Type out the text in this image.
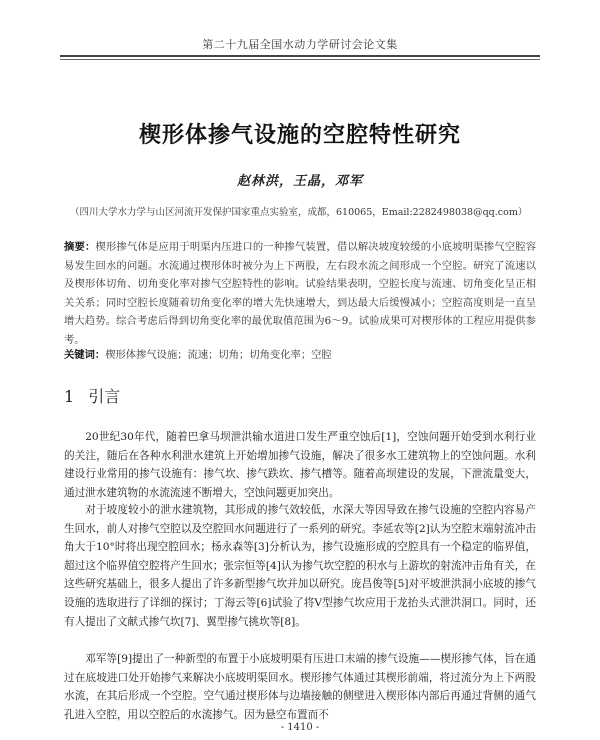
第二十九届全国水动力学研讨会论文集
楔形体掺气设施的空腔特性研究
赵林洪，王晶，邓军
（四川大学水力学与山区河流开发保护国家重点实验室，成都，610065，Email:2282498038@qq.com）
摘要：楔形掺气体是应用于明渠内压进口的一种掺气装置，借以解决坡度较缓的小底坡明渠掺气空腔容易发生回水的问题。水流通过楔形体时被分为上下两股，左右段水流之间形成一个空腔。研究了流速以及楔形体切角、切角变化率对掺气空腔特性的影响。试验结果表明，空腔长度与流速、切角变化呈正相关关系；同时空腔长度随着切角变化率的增大先快速增大，到达最大后缓慢减小；空腔高度则是一直呈增大趋势。综合考虑后得到切角变化率的最优取值范围为6～9。试验成果可对楔形体的工程应用提供参考。
关键词：楔形体掺气设施；流速；切角；切角变化率；空腔
1 引言
20世纪30年代，随着巴拿马坝泄洪输水道进口发生严重空蚀后[1]，空蚀问题开始受到水利行业的关注，随后在各种水利泄水建筑上开始增加掺气设施，解决了很多水工建筑物上的空蚀问题。水利建设行业常用的掺气设施有：掺气坎、掺气跌坎、掺气槽等。随着高坝建设的发展，下泄流量变大，通过泄水建筑物的水流流速不断增大，空蚀问题更加突出。
对于坡度较小的泄水建筑物，其形成的掺气效较低，水深大等因导致在掺气设施的空腔内容易产生回水，前人对掺气空腔以及空腔回水问题进行了一系列的研究。李延农等[2]认为空腔末端射流冲击角大于10°时将出现空腔回水；杨永森等[3]分析认为，掺气设施形成的空腔具有一个稳定的临界值，超过这个临界值空腔将产生回水；张宗恒等[4]认为掺气坎空腔的积水与上游坎的射流冲击角有关，在这些研究基础上，很多人提出了许多新型掺气坎并加以研究。庞昌俊等[5]对平坡泄洪洞小底坡的掺气设施的选取进行了详细的探讨；丁海云等[6]试验了将V型掺气坎应用于龙抬头式泄洪洞口。同时，还有人提出了文献式掺气坎[7]、翼型掺气挑坎等[8]。
邓军等[9]提出了一种新型的布置于小底坡明渠有压进口末端的掺气设施——楔形掺气体，旨在通过在底坡进口处开始掺气来解决小底坡明渠回水。楔形掺气体通过其楔形前端，将过流分为上下两股水流，在其后形成一个空腔。空气通过楔形体与边墙接触的侧壁进入楔形体内部后再通过背侧的通气孔进入空腔，用以空腔后的水流掺气。因为悬空布置而不
- 1410 -
